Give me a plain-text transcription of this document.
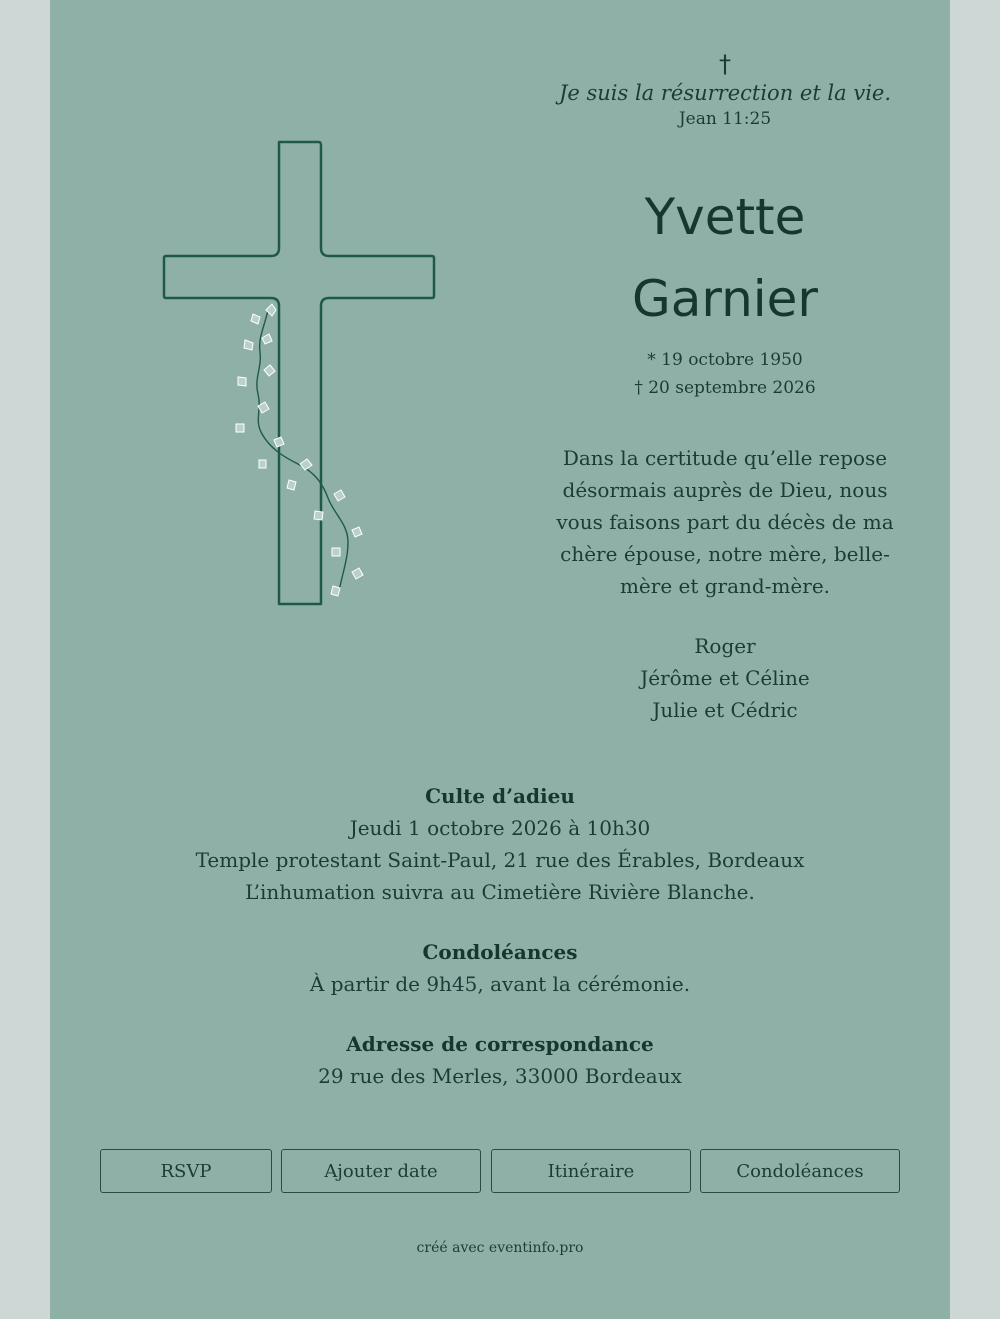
†
Je suis la résurrection et la vie.
Jean 11:25
Yvette
Garnier
* 19 octobre 1950
† 20 septembre 2026
Dans la certitude qu’elle repose désormais auprès de Dieu, nous vous faisons part du décès de ma chère épouse, notre mère, belle-mère et grand-mère.
Roger
Jérôme et Céline
Julie et Cédric
Culte d’adieu
Jeudi 1 octobre 2026 à 10h30
Temple protestant Saint-Paul, 21 rue des Érables, Bordeaux
L’inhumation suivra au Cimetière Rivière Blanche.
Condoléances
À partir de 9h45, avant la cérémonie.
Adresse de correspondance
29 rue des Merles, 33000 Bordeaux
RSVP	Ajouter date	Itinéraire	Condoléances
créé avec eventinfo.pro
